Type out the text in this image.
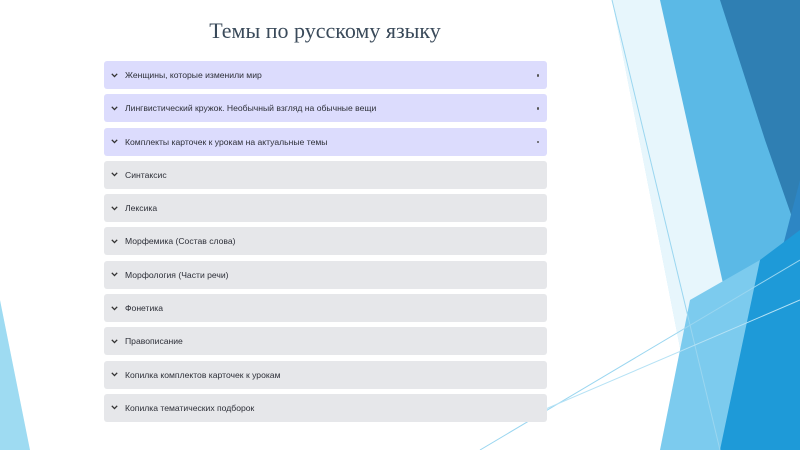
Темы по русскому языку
Женщины, которые изменили мир
Лингвистический кружок. Необычный взгляд на обычные вещи
Комплекты карточек к урокам на актуальные темы
Синтаксис
Лексика
Морфемика (Состав слова)
Морфология (Части речи)
Фонетика
Правописание
Копилка комплектов карточек к урокам
Копилка тематических подборок
